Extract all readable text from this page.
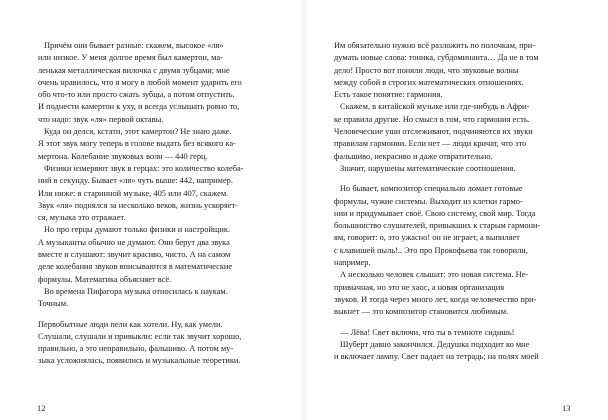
Причём они бывает разные: скажем, высокое «ля»
или низкое. У меня долгое время был камертон, ма-
ленькая металлическая вилочка с двумя зубцами; мне
очень нравилось, что я могу в любой момент ударить его
обо что-то или просто сжать зубцы, а потом отпустить.
И поднести камертон к уху, и всегда услышать ровно то,
что надо: звук «ля» первой октавы.
Куда он делся, кстати, этот камертон? Не знаю даже.
Я этот звук могу теперь в голове выдать без всякого ка-
мертона. Колебание звуковых волн — 440 герц.
Физики измеряют звук в герцах: это количество колеба-
ний в секунду. Бывает «ля» чуть выше: 442, например.
Или ниже: в старинной музыке, 405 или 407, скажем.
Звук «ля» поднялся за несколько веков, жизнь ускоряет-
ся, музыка это отражает.
Но про герцы думают только физики и настройщик.
А музыканты обычно не думают. Они берут два звука
вместе и слушают: звучит красиво, чисто. А на самом
деле колебания звуков вписываются в математические
формулы. Математика объясняет всё.
Во времена Пифагора музыка относилась к наукам.
Точным.
Первобытные люди пели как хотели. Ну, как умели.
Слушали, слушали и привыкли: если так звучит хорошо,
правильно, а это неправильно, фальшиво. А потом му-
зыка усложнялась, появились и музыкальные теоретики.
12
Им обязательно нужно всё разложить по полочкам, при-
думать новые слова: тоника, субдоминанта… Да не в том
дело! Просто вот поняли люди, что звуковые волны
между собой в строгих математических отношениях.
Есть такое понятие: гармония.
Скажем, в китайской музыке или где-нибудь в Афри-
ке правила другие. Но смысл в том, что гармония есть.
Человеческие уши отслеживают, подчиняются их звуки
правилам гармонии. Если нет — люди кричат, что это
фальшиво, некрасиво и даже отвратительно.
Значит, нарушены математические соотношения.
Но бывает, композитор специально ломает готовые
формулы, чужие системы. Выходит из клетки гармо-
нии и придумывает своё. Свою систему, свой мир. Тогда
большинство слушателей, привыкших к старым гармони-
ям, говорит: о, это ужасно! он не играет, а выпиляет
с клавишей пыль!.. Это про Прокофьева так говорили,
например.
А несколько человек слышат: это новая система. Не-
привычная, но это не хаос, а новая организация
звуков. И тогда через много лет, когда человечество при-
выкнет — это композитор становится любимым.
— Лёва! Свет включи, что ты в темноте сидишь!
Шуберт давно закончился. Дедушка подходит ко мне
и включает лампу. Свет падает на тетрадь; на полях моей
13
